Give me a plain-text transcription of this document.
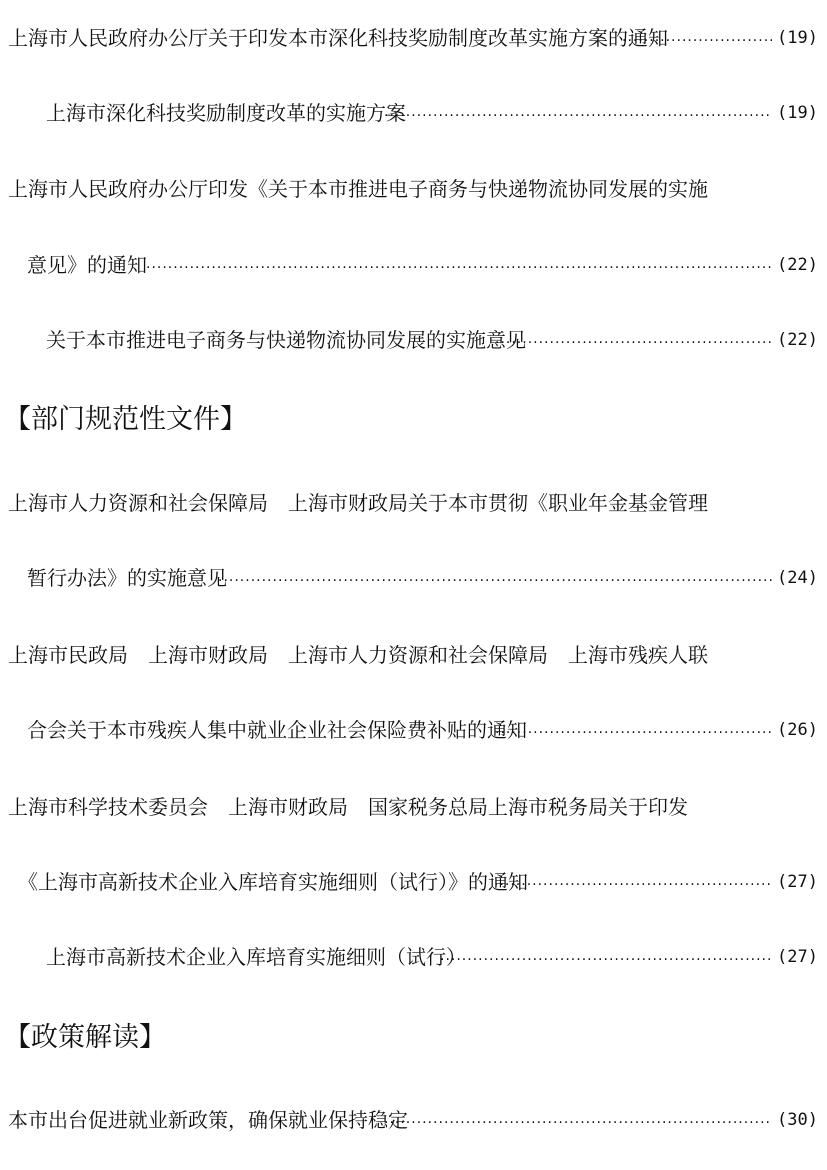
上海市人民政府办公厅关于印发本市深化科技奖励制度改革实施方案的通知 ·····	(19)
上海市深化科技奖励制度改革的实施方案 ·····	(19)
上海市人民政府办公厅印发《关于本市推进电子商务与快递物流协同发展的实施
意见》的通知 ·····	(22)
关于本市推进电子商务与快递物流协同发展的实施意见 ·····	(22)
【部门规范性文件】
上海市人力资源和社会保障局　上海市财政局关于本市贯彻《职业年金基金管理
暂行办法》的实施意见 ·····	(24)
上海市民政局　上海市财政局　上海市人力资源和社会保障局　上海市残疾人联
合会关于本市残疾人集中就业企业社会保险费补贴的通知 ·····	(26)
上海市科学技术委员会　上海市财政局　国家税务总局上海市税务局关于印发
《上海市高新技术企业入库培育实施细则（试行）》的通知 ·····	(27)
上海市高新技术企业入库培育实施细则（试行） ·····	(27)
【政策解读】
本市出台促进就业新政策，确保就业保持稳定 ·····	(30)
